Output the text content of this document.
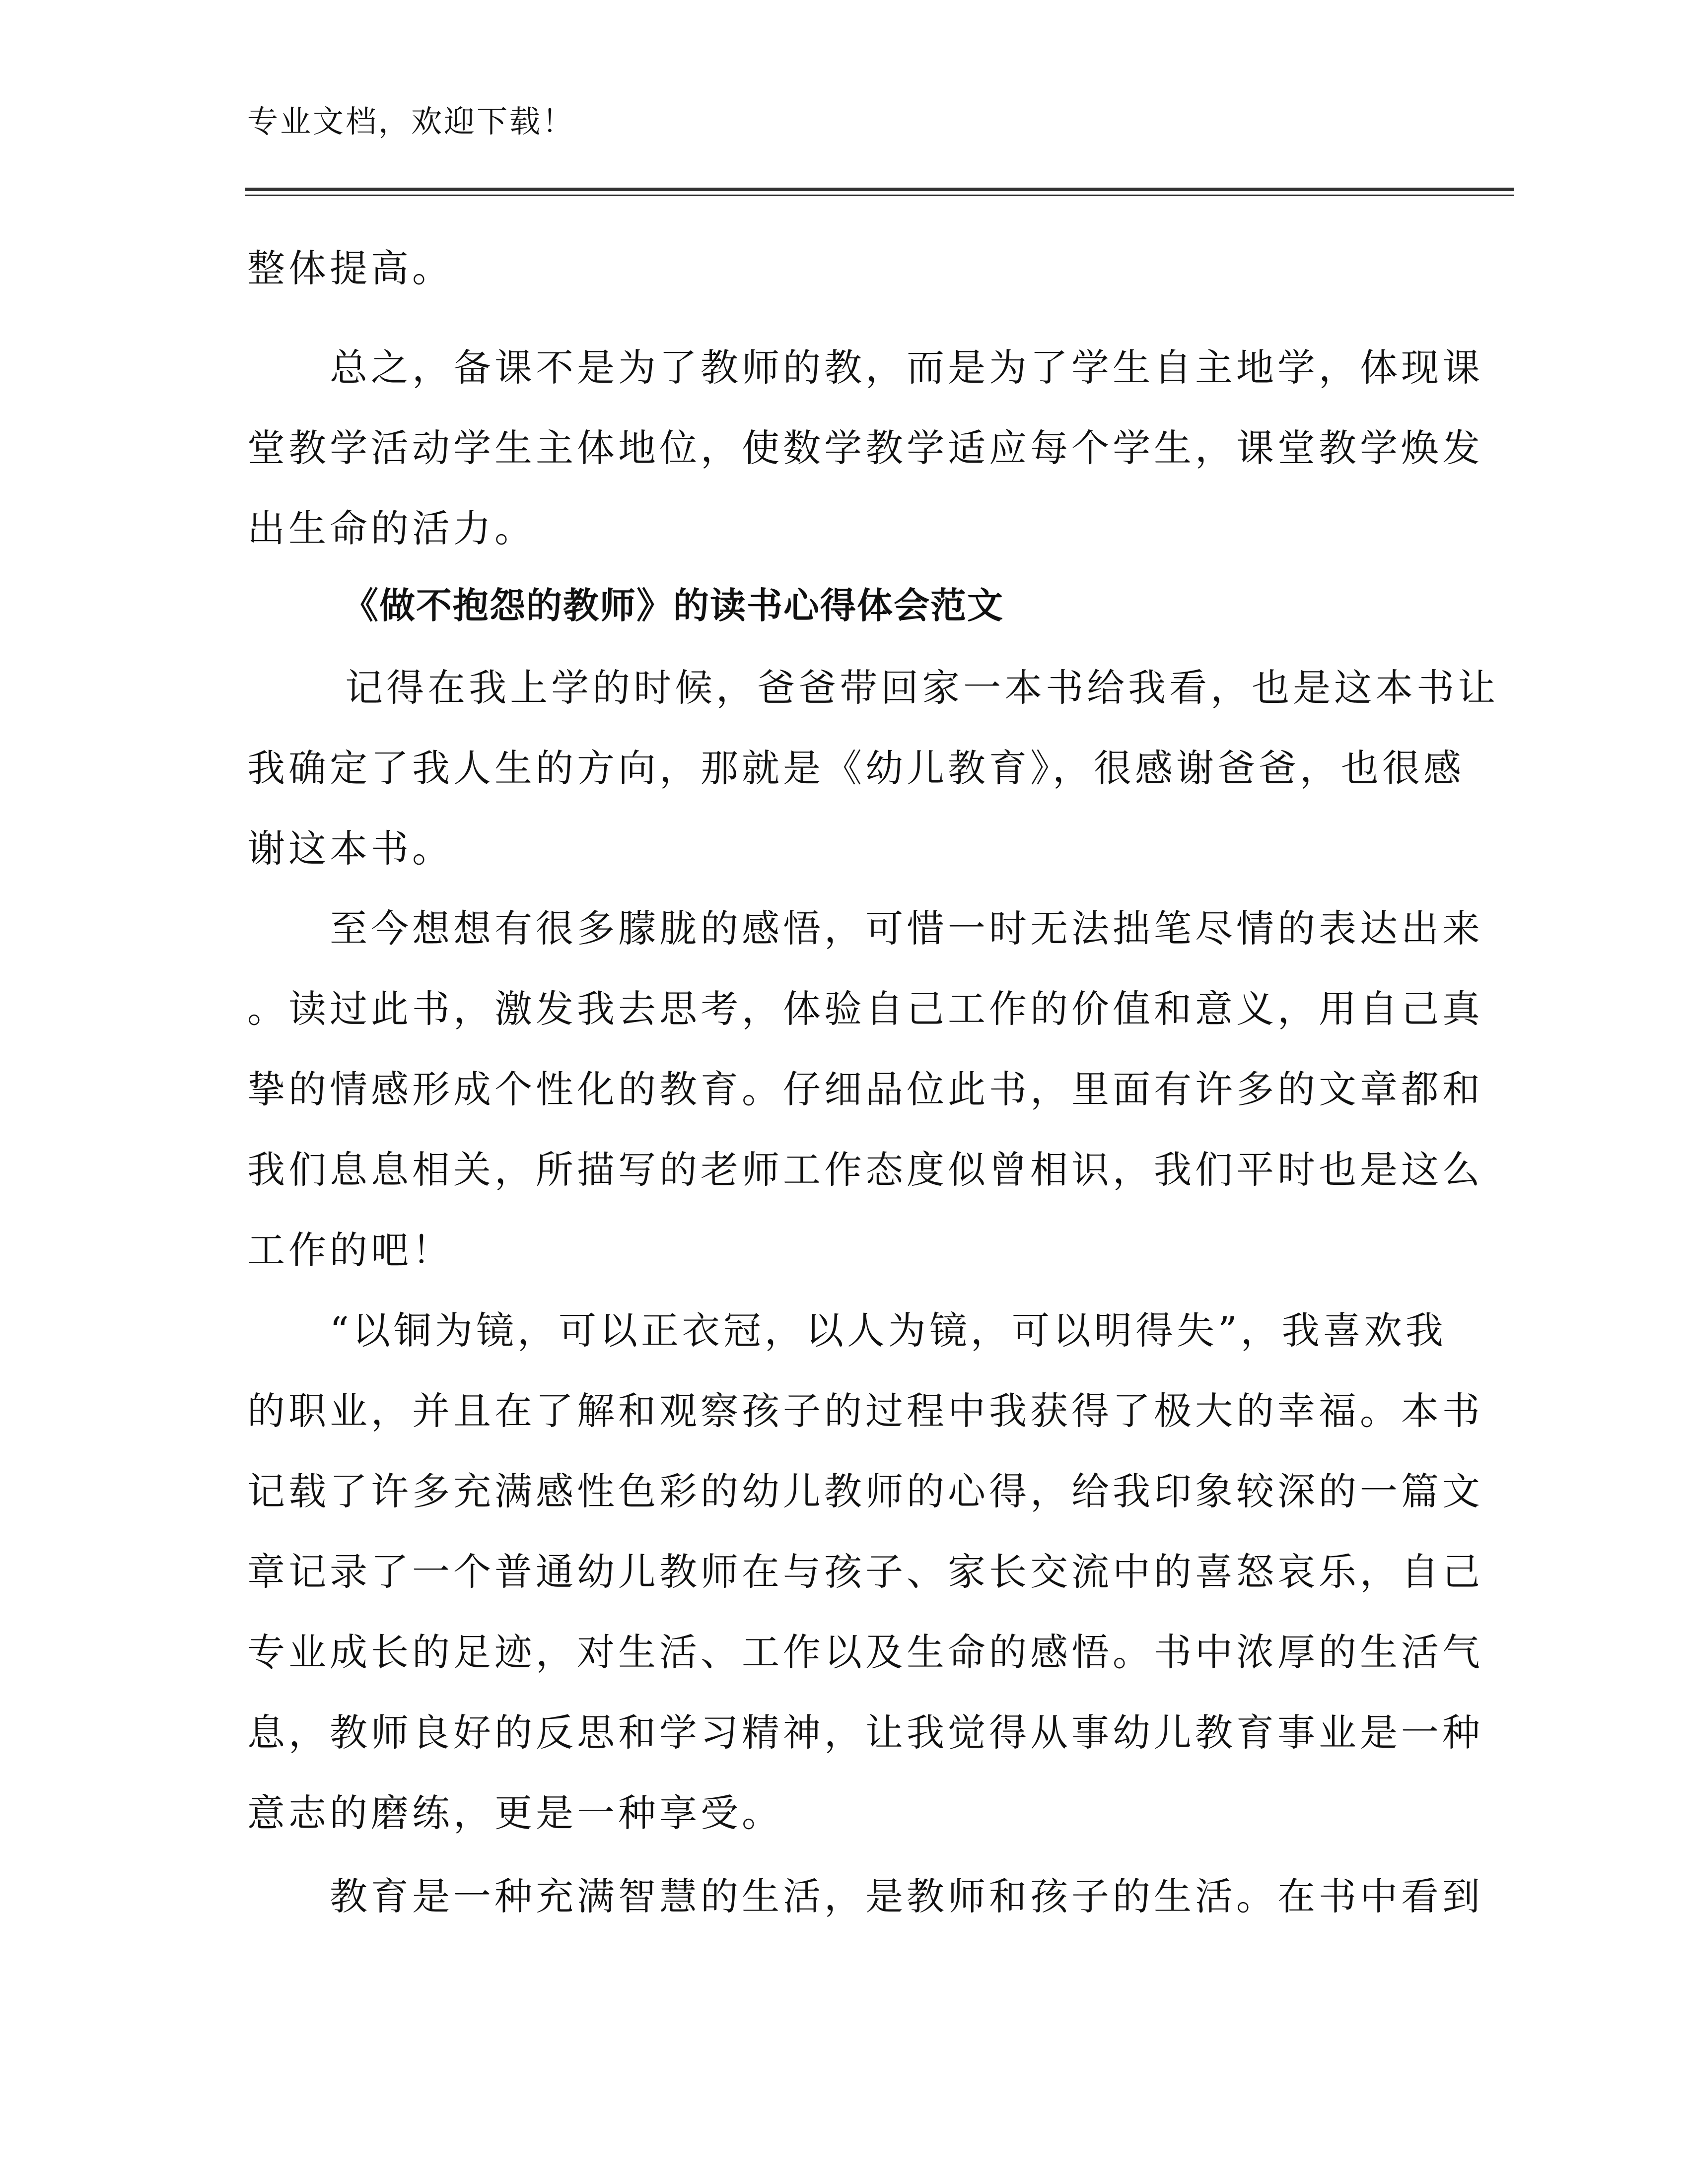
专业文档，欢迎下载！

整体提高。

　　总之，备课不是为了教师的教，而是为了学生自主地学，体现课
堂教学活动学生主体地位，使数学教学适应每个学生，课堂教学焕发
出生命的活力。

《做不抱怨的教师》的读书心得体会范文

　　 记得在我上学的时候，爸爸带回家一本书给我看，也是这本书让
我确定了我人生的方向，那就是《幼儿教育》，很感谢爸爸，也很感
谢这本书。

　　至今想想有很多朦胧的感悟，可惜一时无法拙笔尽情的表达出来
。读过此书，激发我去思考，体验自己工作的价值和意义，用自己真
挚的情感形成个性化的教育。仔细品位此书，里面有许多的文章都和
我们息息相关，所描写的老师工作态度似曾相识，我们平时也是这么
工作的吧！

　　“以铜为镜，可以正衣冠，以人为镜，可以明得失”，我喜欢我
的职业，并且在了解和观察孩子的过程中我获得了极大的幸福。本书
记载了许多充满感性色彩的幼儿教师的心得，给我印象较深的一篇文
章记录了一个普通幼儿教师在与孩子、家长交流中的喜怒哀乐，自己
专业成长的足迹，对生活、工作以及生命的感悟。书中浓厚的生活气
息，教师良好的反思和学习精神，让我觉得从事幼儿教育事业是一种
意志的磨练，更是一种享受。

　　教育是一种充满智慧的生活，是教师和孩子的生活。在书中看到
